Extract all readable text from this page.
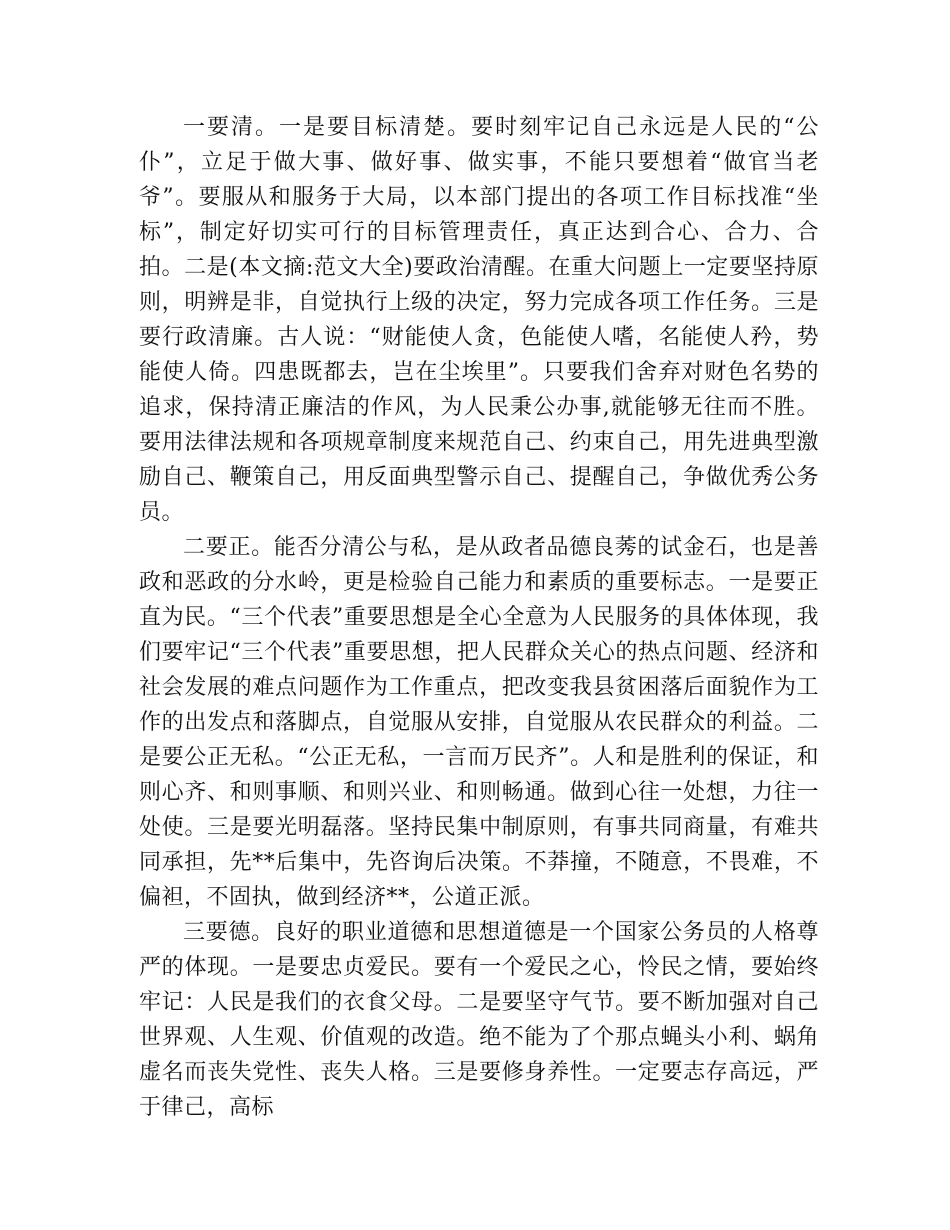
一要清。一是要目标清楚。要时刻牢记自己永远是人民的“公仆”，立足于做大事、做好事、做实事，不能只要想着“做官当老爷”。要服从和服务于大局，以本部门提出的各项工作目标找准“坐标”，制定好切实可行的目标管理责任，真正达到合心、合力、合拍。二是(本文摘:范文大全)要政治清醒。在重大问题上一定要坚持原则，明辨是非，自觉执行上级的决定，努力完成各项工作任务。三是要行政清廉。古人说：“财能使人贪，色能使人嗜，名能使人矜，势能使人倚。四患既都去，岂在尘埃里”。只要我们舍弃对财色名势的追求，保持清正廉洁的作风，为人民秉公办事,就能够无往而不胜。要用法律法规和各项规章制度来规范自己、约束自己，用先进典型激励自己、鞭策自己，用反面典型警示自己、提醒自己，争做优秀公务员。

二要正。能否分清公与私，是从政者品德良莠的试金石，也是善政和恶政的分水岭，更是检验自己能力和素质的重要标志。一是要正直为民。“三个代表”重要思想是全心全意为人民服务的具体体现，我们要牢记“三个代表”重要思想，把人民群众关心的热点问题、经济和社会发展的难点问题作为工作重点，把改变我县贫困落后面貌作为工作的出发点和落脚点，自觉服从安排，自觉服从农民群众的利益。二是要公正无私。“公正无私，一言而万民齐”。人和是胜利的保证，和则心齐、和则事顺、和则兴业、和则畅通。做到心往一处想，力往一处使。三是要光明磊落。坚持民集中制原则，有事共同商量，有难共同承担，先**后集中，先咨询后决策。不莽撞，不随意，不畏难，不偏袒，不固执，做到经济**，公道正派。

三要德。良好的职业道德和思想道德是一个国家公务员的人格尊严的体现。一是要忠贞爱民。要有一个爱民之心，怜民之情，要始终牢记：人民是我们的衣食父母。二是要坚守气节。要不断加强对自己世界观、人生观、价值观的改造。绝不能为了个那点蝇头小利、蜗角虚名而丧失党性、丧失人格。三是要修身养性。一定要志存高远，严于律己，高标
